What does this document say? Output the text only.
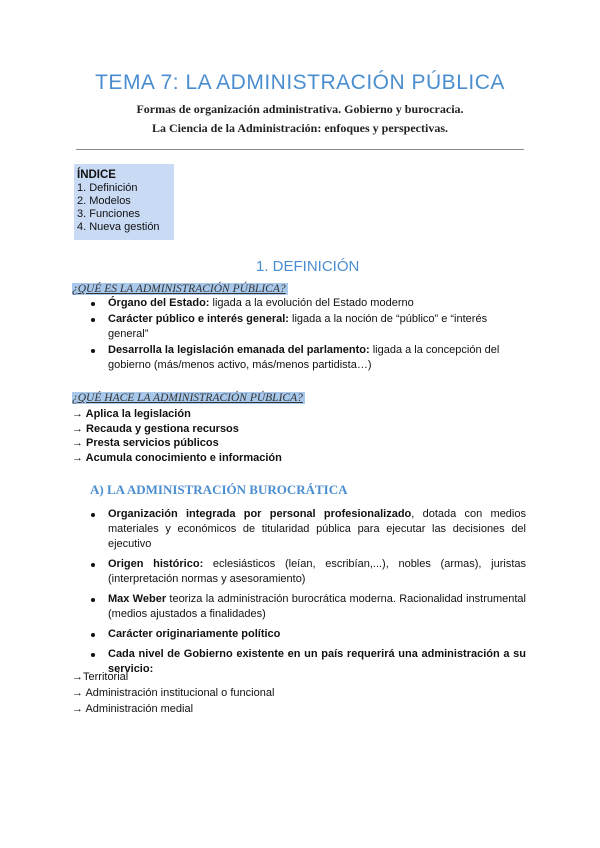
TEMA 7: LA ADMINISTRACIÓN PÚBLICA
Formas de organización administrativa. Gobierno y burocracia.
La Ciencia de la Administración: enfoques y perspectivas.
ÍNDICE
1. Definición
2. Modelos
3. Funciones
4. Nueva gestión
1. DEFINICIÓN
¿QUÉ ES LA ADMINISTRACIÓN PÚBLICA?
Órgano del Estado: ligada a la evolución del Estado moderno
Carácter público e interés general: ligada a la noción de “público” e “interés general”
Desarrolla la legislación emanada del parlamento: ligada a la concepción del gobierno (más/menos activo, más/menos partidista…)
¿QUÉ HACE LA ADMINISTRACIÓN PÚBLICA?
→ Aplica la legislación
→ Recauda y gestiona recursos
→ Presta servicios públicos
→ Acumula conocimiento e información
A) LA ADMINISTRACIÓN BUROCRÁTICA
Organización integrada por personal profesionalizado, dotada con medios materiales y económicos de titularidad pública para ejecutar las decisiones del ejecutivo
Origen histórico: eclesiásticos (leían, escribían,...), nobles (armas), juristas (interpretación normas y asesoramiento)
Max Weber teoriza la administración burocrática moderna. Racionalidad instrumental (medios ajustados a finalidades)
Carácter originariamente político
Cada nivel de Gobierno existente en un país requerirá una administración a su servicio:
→Territorial
→ Administración institucional o funcional
→ Administración medial
